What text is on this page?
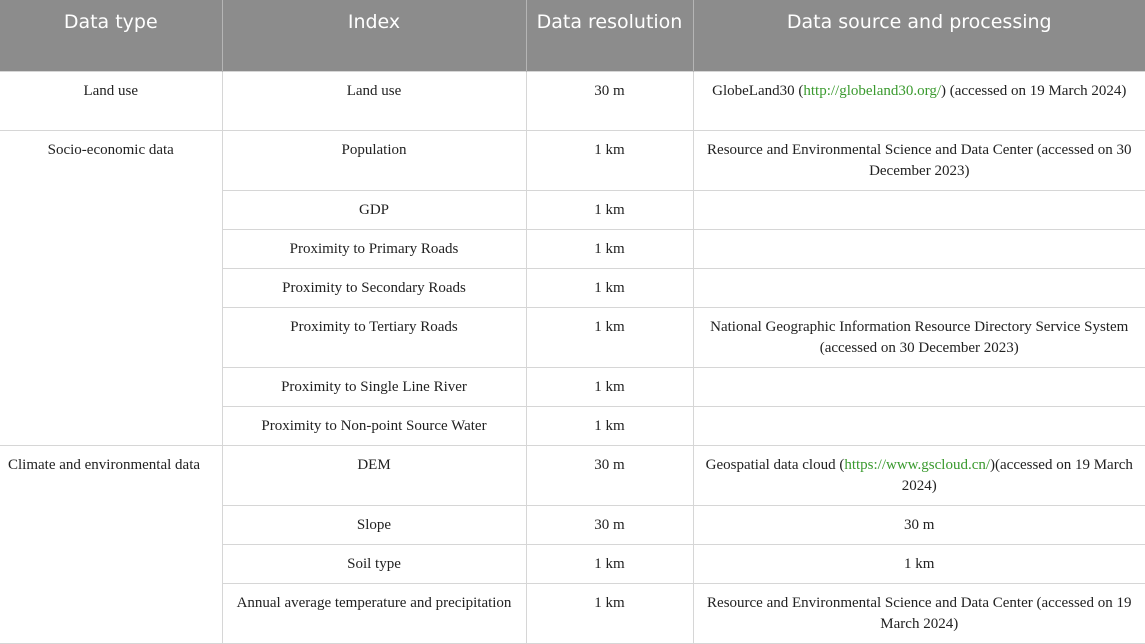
Data type	Index	Data resolution	Data source and processing
Land use	Land use	30 m	GlobeLand30 (http://globeland30.org/) (accessed on 19 March 2024)
Socio-economic data	Population	1 km	Resource and Environmental Science and Data Center (accessed on 30 December 2023)
	GDP	1 km	
	Proximity to Primary Roads	1 km	
	Proximity to Secondary Roads	1 km	
	Proximity to Tertiary Roads	1 km	National Geographic Information Resource Directory Service System (accessed on 30 December 2023)
	Proximity to Single Line River	1 km	
	Proximity to Non-point Source Water	1 km	
Climate and environmental data	DEM	30 m	Geospatial data cloud (https://www.gscloud.cn/)(accessed on 19 March 2024)
	Slope	30 m	30 m
	Soil type	1 km	1 km
	Annual average temperature and precipitation	1 km	Resource and Environmental Science and Data Center (accessed on 19 March 2024)
